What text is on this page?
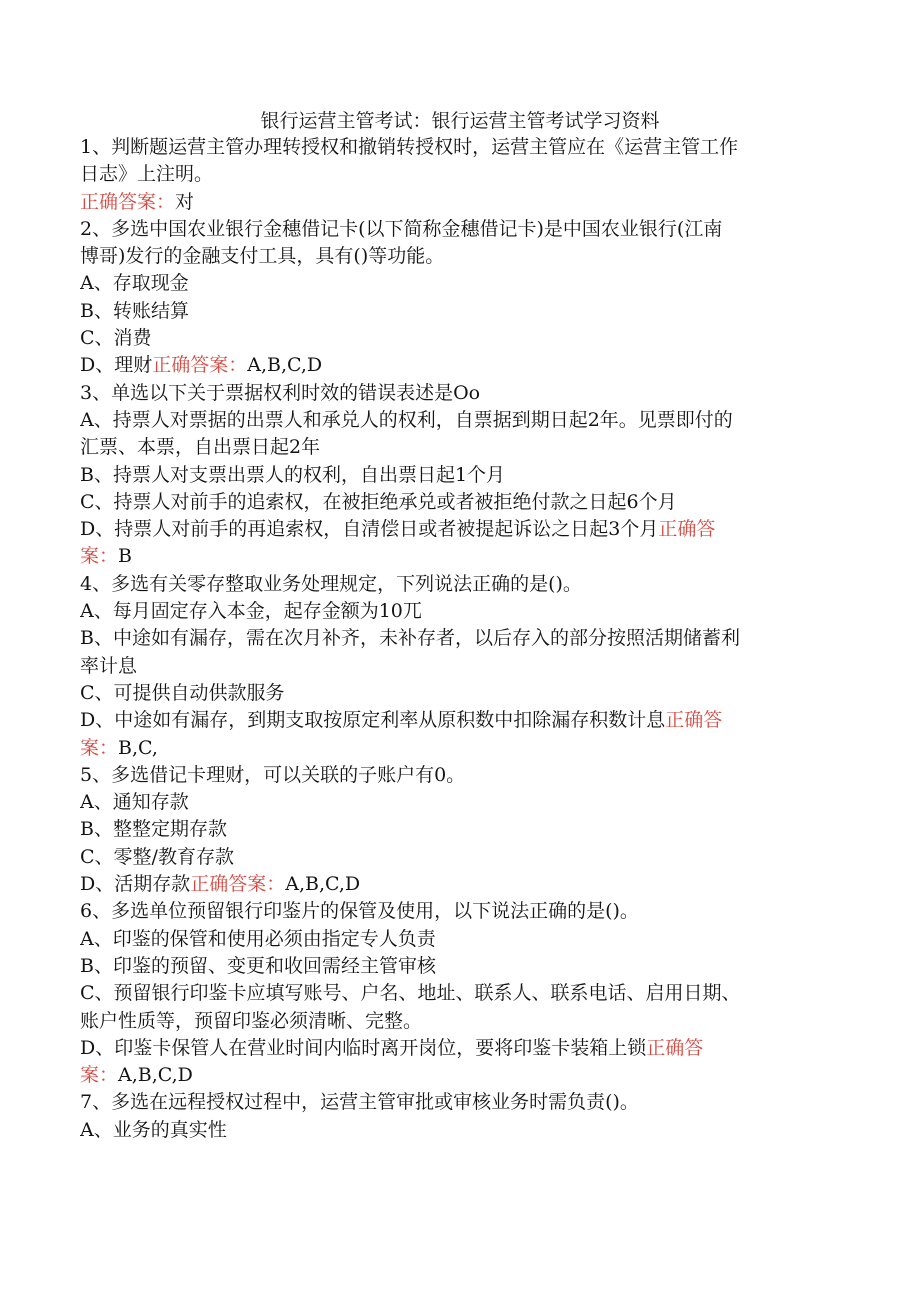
银行运营主管考试：银行运营主管考试学习资料
1、判断题运营主管办理转授权和撤销转授权时，运营主管应在《运营主管工作
日志》上注明。
正确答案：对
2、多选中国农业银行金穗借记卡(以下简称金穗借记卡)是中国农业银行(江南
博哥)发行的金融支付工具，具有()等功能。
A、存取现金
B、转账结算
C、消费
D、理财正确答案：A,B,C,D
3、单选以下关于票据权利时效的错误表述是Oo
A、持票人对票据的出票人和承兑人的权利，自票据到期日起2年。见票即付的
汇票、本票，自出票日起2年
B、持票人对支票出票人的权利，自出票日起1个月
C、持票人对前手的追索权，在被拒绝承兑或者被拒绝付款之日起6个月
D、持票人对前手的再追索权，自清偿日或者被提起诉讼之日起3个月正确答
案：B
4、多选有关零存整取业务处理规定，下列说法正确的是()。
A、每月固定存入本金，起存金额为10兀
B、中途如有漏存，需在次月补齐，未补存者，以后存入的部分按照活期储蓄利
率计息
C、可提供自动供款服务
D、中途如有漏存，到期支取按原定利率从原积数中扣除漏存积数计息正确答
案：B,C,
5、多选借记卡理财，可以关联的子账户有0。
A、通知存款
B、整整定期存款
C、零整/教育存款
D、活期存款正确答案：A,B,C,D
6、多选单位预留银行印鉴片的保管及使用，以下说法正确的是()。
A、印鉴的保管和使用必须由指定专人负责
B、印鉴的预留、变更和收回需经主管审核
C、预留银行印鉴卡应填写账号、户名、地址、联系人、联系电话、启用日期、
账户性质等，预留印鉴必须清晰、完整。
D、印鉴卡保管人在营业时间内临时离开岗位，要将印鉴卡装箱上锁正确答
案：A,B,C,D
7、多选在远程授权过程中，运营主管审批或审核业务时需负责()。
A、业务的真实性
